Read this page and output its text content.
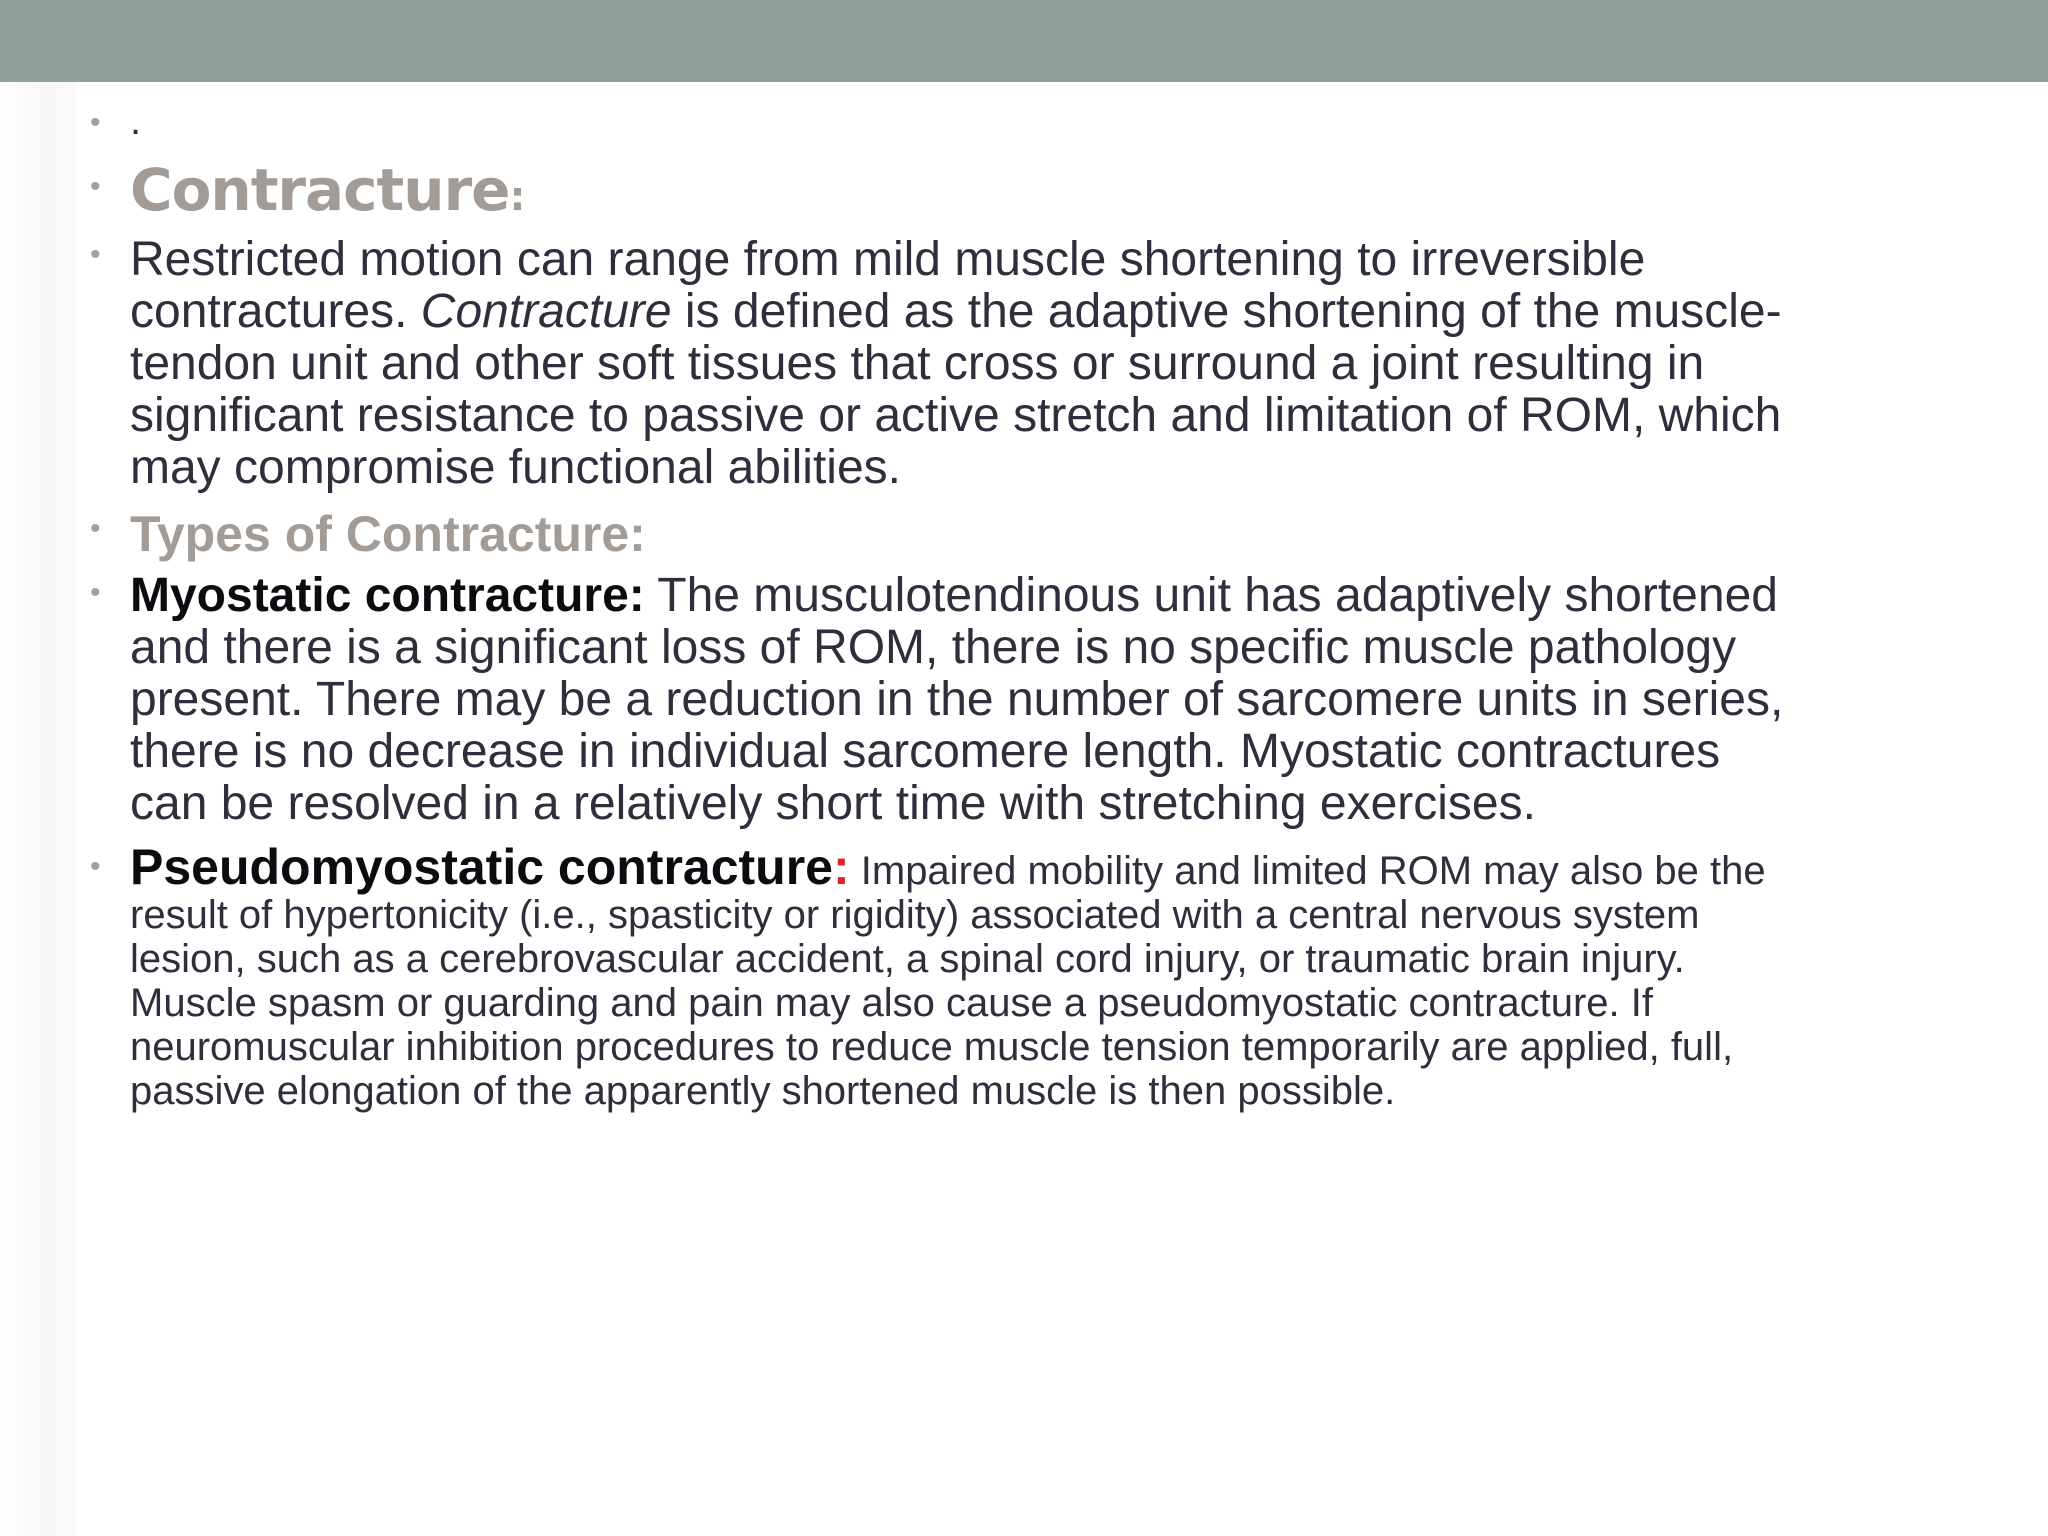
• .
• Contracture:
• Restricted motion can range from mild muscle shortening to irreversible contractures. Contracture is defined as the adaptive shortening of the muscle-tendon unit and other soft tissues that cross or surround a joint resulting in significant resistance to passive or active stretch and limitation of ROM, which may compromise functional abilities.
• Types of Contracture:
• Myostatic contracture: The musculotendinous unit has adaptively shortened and there is a significant loss of ROM, there is no specific muscle pathology present. There may be a reduction in the number of sarcomere units in series, there is no decrease in individual sarcomere length. Myostatic contractures can be resolved in a relatively short time with stretching exercises.
• Pseudomyostatic contracture: Impaired mobility and limited ROM may also be the result of hypertonicity (i.e., spasticity or rigidity) associated with a central nervous system lesion, such as a cerebrovascular accident, a spinal cord injury, or traumatic brain injury. Muscle spasm or guarding and pain may also cause a pseudomyostatic contracture. If neuromuscular inhibition procedures to reduce muscle tension temporarily are applied, full, passive elongation of the apparently shortened muscle is then possible.
